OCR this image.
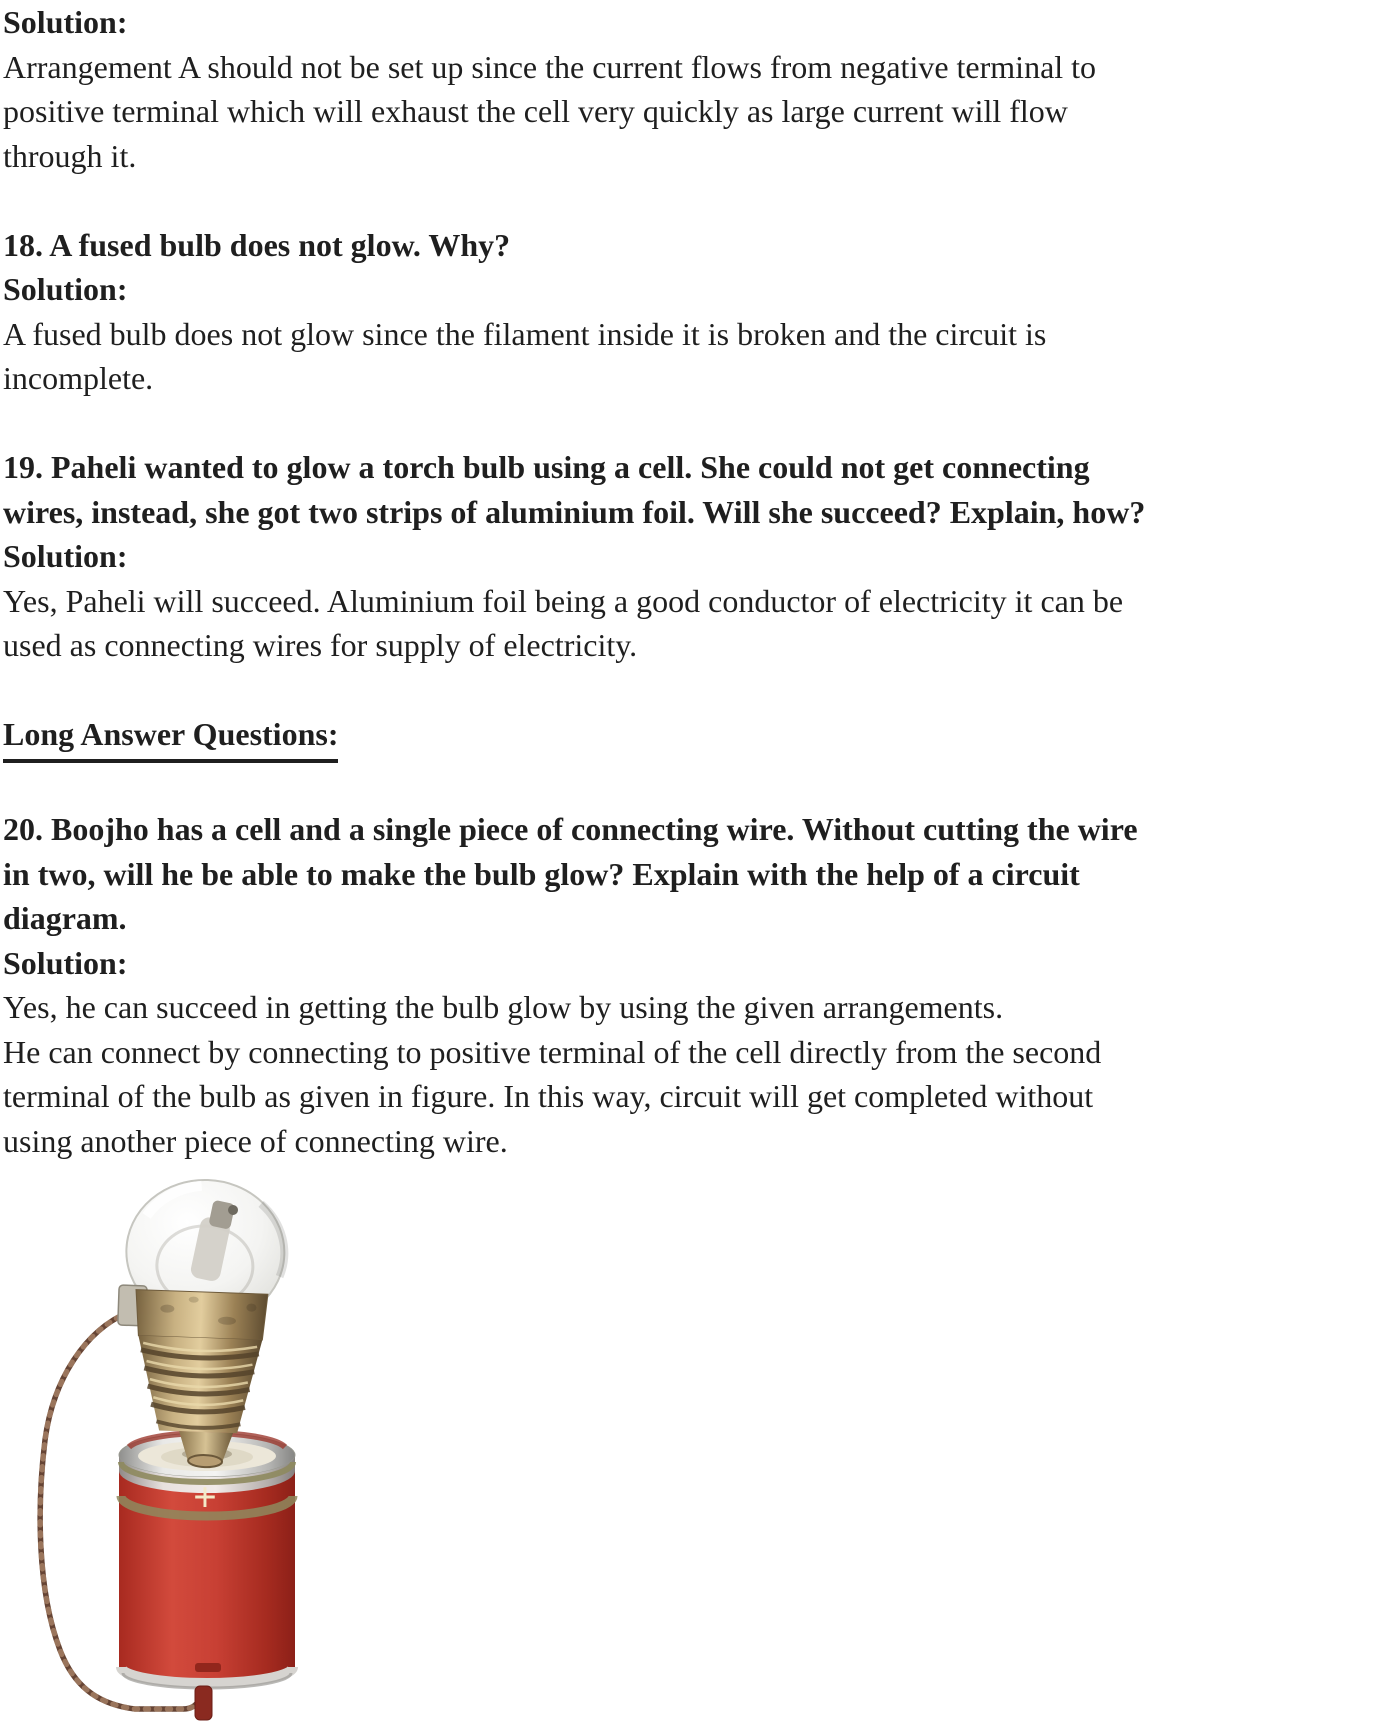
Solution:
Arrangement A should not be set up since the current flows from negative terminal to
positive terminal which will exhaust the cell very quickly as large current will flow
through it.
18. A fused bulb does not glow. Why?
Solution:
A fused bulb does not glow since the filament inside it is broken and the circuit is
incomplete.
19. Paheli wanted to glow a torch bulb using a cell. She could not get connecting
wires, instead, she got two strips of aluminium foil. Will she succeed? Explain, how?
Solution:
Yes, Paheli will succeed. Aluminium foil being a good conductor of electricity it can be
used as connecting wires for supply of electricity.
Long Answer Questions:
20. Boojho has a cell and a single piece of connecting wire. Without cutting the wire
in two, will he be able to make the bulb glow? Explain with the help of a circuit
diagram.
Solution:
Yes, he can succeed in getting the bulb glow by using the given arrangements.
He can connect by connecting to positive terminal of the cell directly from the second
terminal of the bulb as given in figure. In this way, circuit will get completed without
using another piece of connecting wire.
+
